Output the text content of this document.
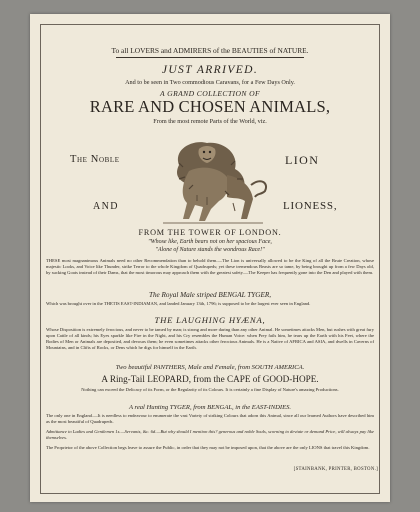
To all LOVERS and ADMIRERS of the BEAUTIES of NATURE.
JUST ARRIVED.
And to be seen in Two commodious Caravans, for a Few Days Only.
A GRAND COLLECTION OF
RARE AND CHOSEN ANIMALS,
From the most remote Parts of the World, viz.
The Noble	LION
AND	LIONESS,
FROM THE TOWER OF LONDON.
"Whose like, Earth bears not on her spacious Face,
"Alone of Nature stands the wondrous Race!"
THESE most magnanimous Animals need no other Recommendation than to behold them.—The Lion is universally allowed to be the King of all the Brute Creation, whose majestic Looks, and Voice like Thunder, strike Terror to the whole Kingdom of Quadrupeds; yet these tremendous Beasts are so tame, by being brought up from a few Days old, by sucking Goats instead of their Dams, that the most timorous may approach them with the greatest safety.—The Keeper has frequently gone into the Den and played with them.
The Royal Male striped BENGAL TYGER,
Which was brought over in the THETIS EAST-INDIAMAN, and landed January 13th, 1796; is supposed to be the largest ever seen in England.
THE LAUGHING HYÆNA,
Whose Disposition is extremely ferocious, and never to be tamed by man; is strong and more daring than any other Animal. He sometimes attacks Men, but rushes with great fury upon Cattle of all kinds; his Eyes sparkle like Fire in the Night, and his Cry resembles the Human Voice: when Prey fails him, he tears up the Earth with his Feet, where the Bodies of Men or Animals are deposited, and devours them; he even sometimes attacks other ferocious Animals. He is a Native of AFRICA and ASIA, and dwells in Caverns of Mountains, and in Clifts of Rocks, or Dens which he digs for himself in the Earth.
Two beautiful PANTHERS, Male and Female, from SOUTH AMERICA.
A Ring-Tail LEOPARD, from the CAPE of GOOD-HOPE.
Nothing can exceed the Delicacy of its Form, or the Regularity of its Colours. It is certainly a fine Display of Nature's amazing Productions.
A real Hunting TYGER, from BENGAL, in the EAST-INDIES.
The only one in England.—It is needless to endeavour to enumerate the vast Variety of striking Colours that adorn this Animal, since all our learned Authors have described him as the most beautiful of Quadrupeds.
Admittance to Ladies and Gentlemen 1s.—Servants, &c. 6d.—But why should I mention this? generous and noble Souls, scorning to deviate or demand Price, will always pay like themselves.
The Proprietor of the above Collection begs leave to assure the Public, in order that they may not be imposed upon, that the above are the only LIONS that travel this Kingdom.
[STAINBANK, PRINTER, BOSTON.]
